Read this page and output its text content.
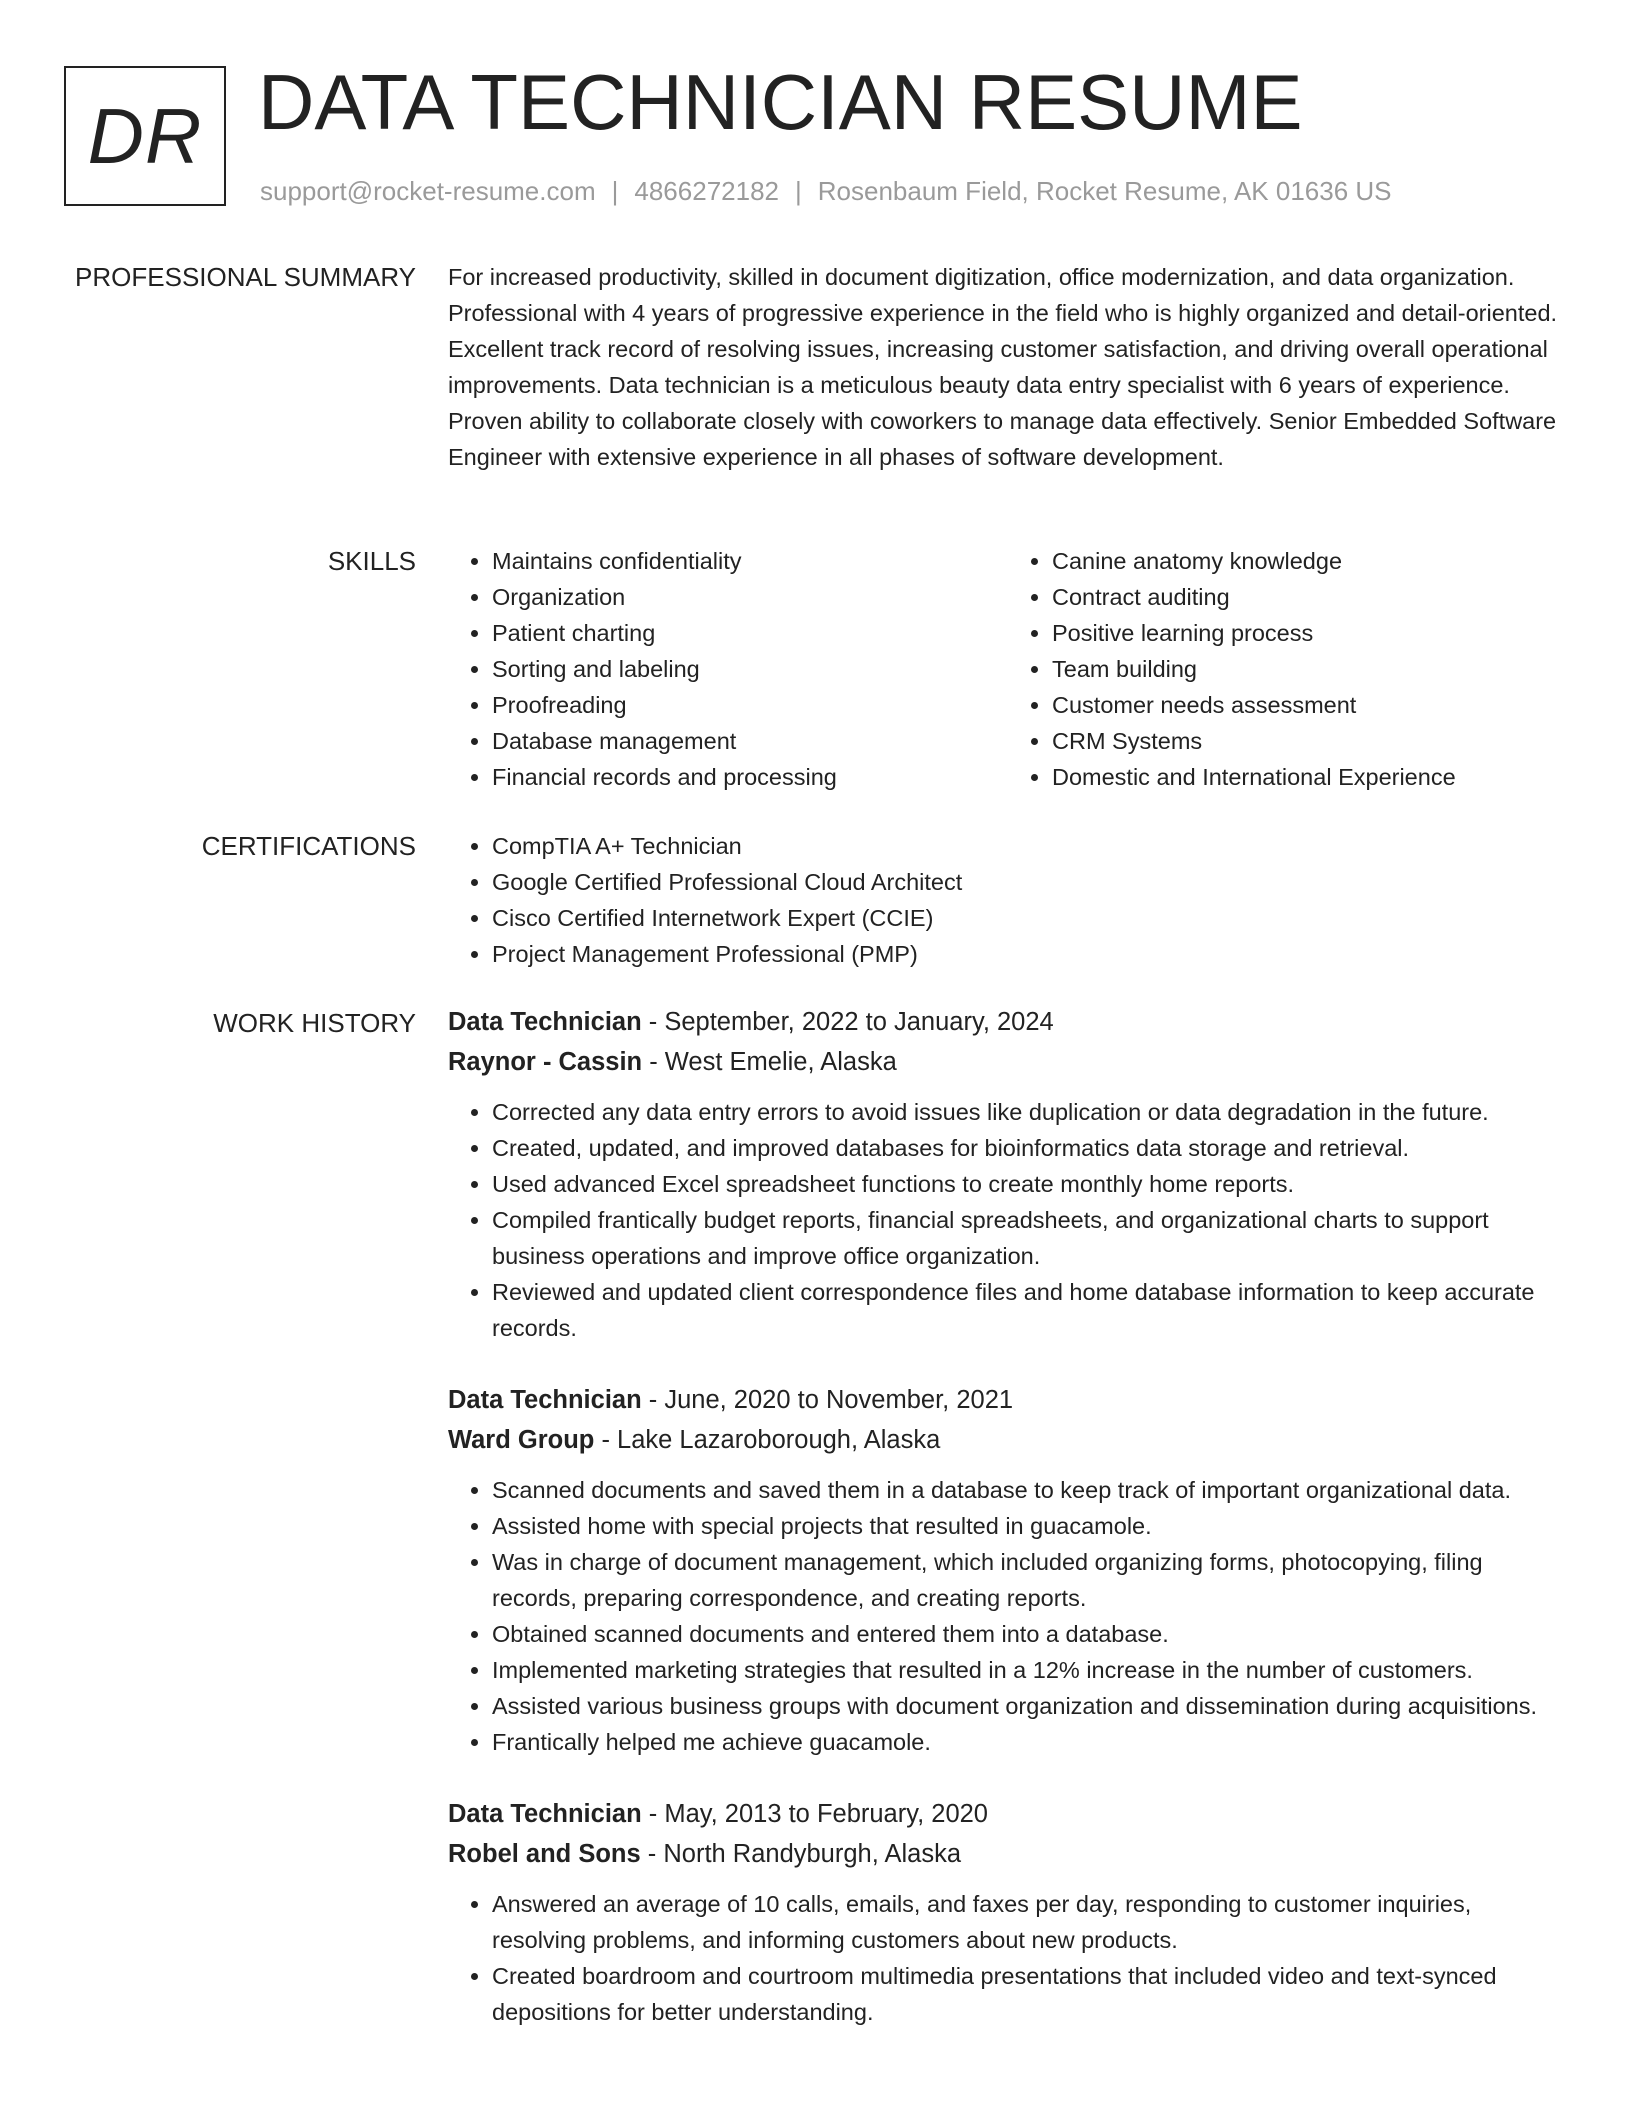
DR DATA TECHNICIAN RESUME
support@rocket-resume.com | 4866272182 | Rosenbaum Field, Rocket Resume, AK 01636 US
PROFESSIONAL SUMMARY For increased productivity, skilled in document digitization, office modernization, and data organization. Professional with 4 years of progressive experience in the field who is highly organized and detail-oriented. Excellent track record of resolving issues, increasing customer satisfaction, and driving overall operational improvements. Data technician is a meticulous beauty data entry specialist with 6 years of experience. Proven ability to collaborate closely with coworkers to manage data effectively. Senior Embedded Software Engineer with extensive experience in all phases of software development.

SKILLS	• Maintains confidentiality
• Organization
• Patient charting
• Sorting and labeling
• Proofreading
• Database management
• Financial records and processing
• Canine anatomy knowledge
• Contract auditing
• Positive learning process
• Team building
• Customer needs assessment
• CRM Systems
• Domestic and International Experience
CERTIFICATIONS	• CompTIA A+ Technician
• Google Certified Professional Cloud Architect
• Cisco Certified Internetwork Expert (CCIE)
• Project Management Professional (PMP)
WORK HISTORY Data Technician - September, 2022 to January, 2024
Raynor - Cassin - West Emelie, Alaska
• Corrected any data entry errors to avoid issues like duplication or data degradation in the future.
• Created, updated, and improved databases for bioinformatics data storage and retrieval.
• Used advanced Excel spreadsheet functions to create monthly home reports.
• Compiled frantically budget reports, financial spreadsheets, and organizational charts to support business operations and improve office organization.
• Reviewed and updated client correspondence files and home database information to keep accurate records.
Data Technician - June, 2020 to November, 2021
Ward Group - Lake Lazaroborough, Alaska
• Scanned documents and saved them in a database to keep track of important organizational data.
• Assisted home with special projects that resulted in guacamole.
• Was in charge of document management, which included organizing forms, photocopying, filing records, preparing correspondence, and creating reports.
• Obtained scanned documents and entered them into a database.
• Implemented marketing strategies that resulted in a 12% increase in the number of customers.
• Assisted various business groups with document organization and dissemination during acquisitions.
• Frantically helped me achieve guacamole.
Data Technician - May, 2013 to February, 2020
Robel and Sons - North Randyburgh, Alaska
• Answered an average of 10 calls, emails, and faxes per day, responding to customer inquiries, resolving problems, and informing customers about new products.
• Created boardroom and courtroom multimedia presentations that included video and text-synced depositions for better understanding.
